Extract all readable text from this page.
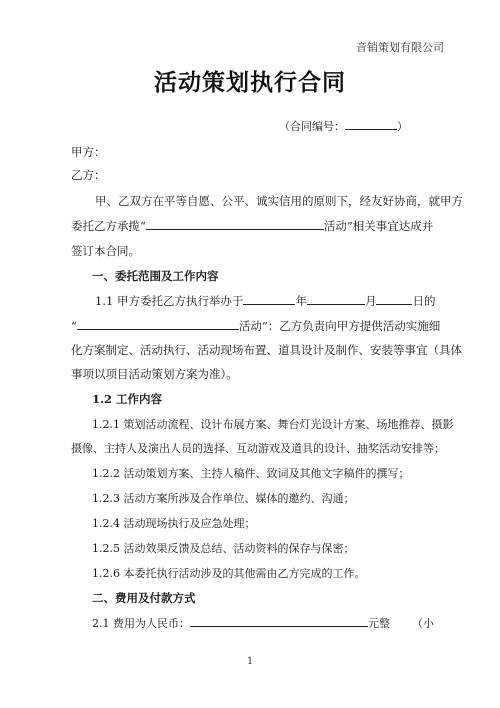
音销策划有限公司
活动策划执行合同
（合同编号：	）
甲方：
乙方：
甲、乙双方在平等自愿、公平、诚实信用的原则下，经友好协商，就甲方
委托乙方承揽“	活动”相关事宜达成并
签订本合同。
一、委托范围及工作内容
1.1 甲方委托乙方执行举办于	年	月	日的
“	活动”：乙方负责向甲方提供活动实施细
化方案制定、活动执行、活动现场布置、道具设计及制作、安装等事宜（具体
事项以项目活动策划方案为准）。
1.2 工作内容
1.2.1 策划活动流程、设计布展方案、舞台灯光设计方案、场地推荐、摄影
摄像、主持人及演出人员的选择、互动游戏及道具的设计、抽奖活动安排等；
1.2.2 活动策划方案、主持人稿件、致词及其他文字稿件的撰写；
1.2.3 活动方案所涉及合作单位、媒体的邀约、沟通；
1.2.4 活动现场执行及应急处理；
1.2.5 活动效果反馈及总结、活动资料的保存与保密；
1.2.6 本委托执行活动涉及的其他需由乙方完成的工作。
二、费用及付款方式
2.1 费用为人民币：	元整 （小
1
